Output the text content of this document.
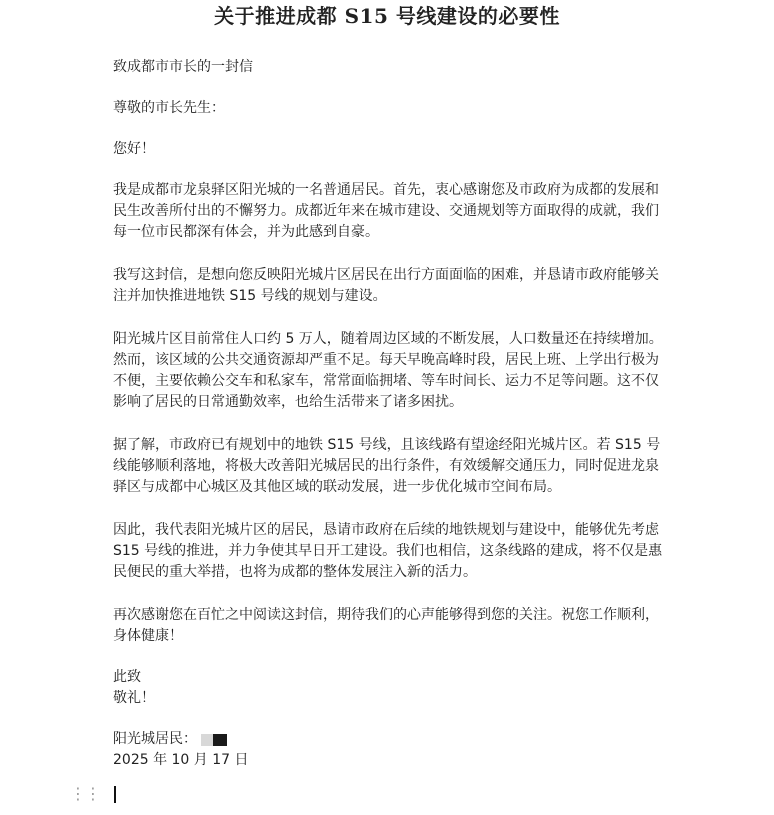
关于推进成都 S15 号线建设的必要性

致成都市市长的一封信

尊敬的市长先生：

您好！

我是成都市龙泉驿区阳光城的一名普通居民。首先，衷心感谢您及市政府为成都的发展和民生改善所付出的不懈努力。成都近年来在城市建设、交通规划等方面取得的成就，我们每一位市民都深有体会，并为此感到自豪。

我写这封信，是想向您反映阳光城片区居民在出行方面面临的困难，并恳请市政府能够关注并加快推进地铁 S15 号线的规划与建设。

阳光城片区目前常住人口约 5 万人，随着周边区域的不断发展，人口数量还在持续增加。然而，该区域的公共交通资源却严重不足。每天早晚高峰时段，居民上班、上学出行极为不便，主要依赖公交车和私家车，常常面临拥堵、等车时间长、运力不足等问题。这不仅影响了居民的日常通勤效率，也给生活带来了诸多困扰。

据了解，市政府已有规划中的地铁 S15 号线，且该线路有望途经阳光城片区。若 S15 号线能够顺利落地，将极大改善阳光城居民的出行条件，有效缓解交通压力，同时促进龙泉驿区与成都中心城区及其他区域的联动发展，进一步优化城市空间布局。

因此，我代表阳光城片区的居民，恳请市政府在后续的地铁规划与建设中，能够优先考虑 S15 号线的推进，并力争使其早日开工建设。我们也相信，这条线路的建成，将不仅是惠民便民的重大举措，也将为成都的整体发展注入新的活力。

再次感谢您在百忙之中阅读这封信，期待我们的心声能够得到您的关注。祝您工作顺利，身体健康！

此致

敬礼！

阳光城居民：

2025 年 10 月 17 日

⋮⋮
